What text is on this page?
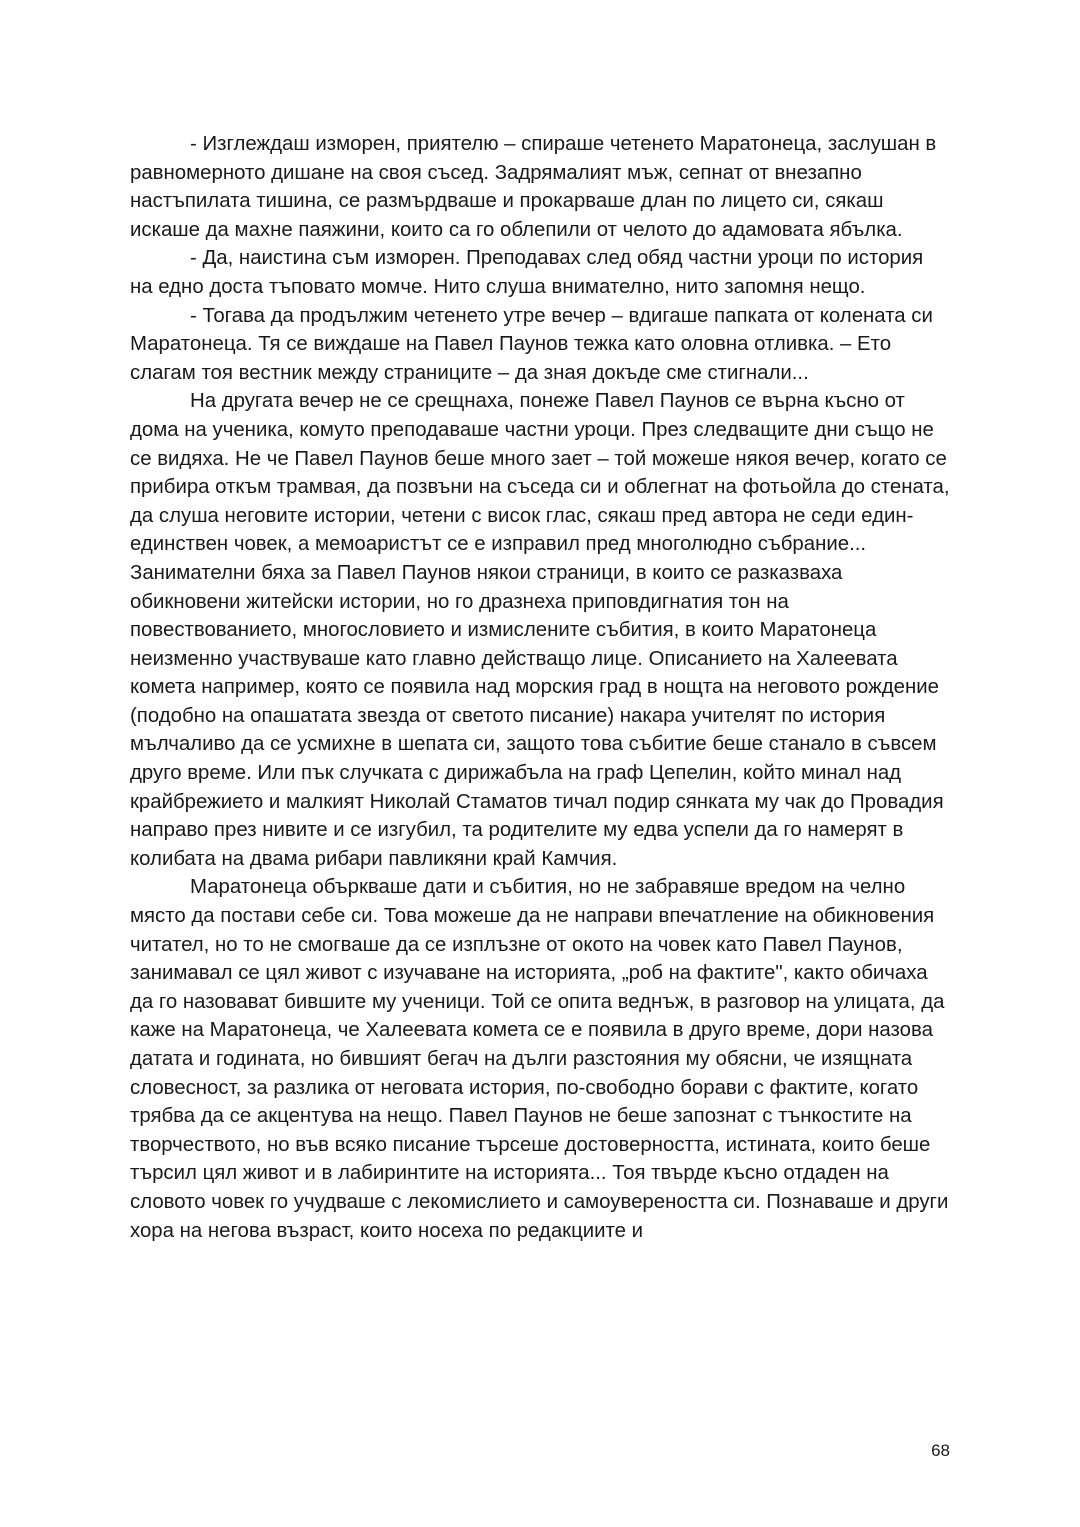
- Изглеждаш изморен, приятелю – спираше четенето Маратонеца, заслушан в равномерното дишане на своя съсед. Задрямалият мъж, сепнат от внезапно настъпилата тишина, се размърдваше и прокарваше длан по лицето си, сякаш искаше да махне паяжини, които са го облепили от челото до адамовата ябълка.

- Да, наистина съм изморен. Преподавах след обяд частни уроци по история на едно доста тъповато момче. Нито слуша внимателно, нито запомня нещо.

- Тогава да продължим четенето утре вечер – вдигаше папката от колената си Маратонеца. Тя се виждаше на Павел Паунов тежка като оловна отливка. – Ето слагам тоя вестник между страниците – да зная докъде сме стигнали...

На другата вечер не се срещнаха, понеже Павел Паунов се върна късно от дома на ученика, комуто преподаваше частни уроци. През следващите дни също не се видяха. Не че Павел Паунов беше много зает – той можеше някоя вечер, когато се прибира откъм трамвая, да позвъни на съседа си и облегнат на фотьойла до стената, да слуша неговите истории, четени с висок глас, сякаш пред автора не седи един-единствен човек, а мемоаристът се е изправил пред многолюдно събрание... Занимателни бяха за Павел Паунов някои страници, в които се разказваха обикновени житейски истории, но го дразнеха приповдигнатия тон на повествованието, многословието и измислените събития, в които Маратонеца неизменно участвуваше като главно действащо лице. Описанието на Халеевата комета например, която се появила над морския град в нощта на неговото рождение (подобно на опашатата звезда от светото писание) накара учителят по история мълчаливо да се усмихне в шепата си, защото това събитие беше станало в съвсем друго време. Или пък случката с дирижабъла на граф Цепелин, който минал над крайбрежието и малкият Николай Стаматов тичал подир сянката му чак до Провадия направо през нивите и се изгубил, та родителите му едва успели да го намерят в колибата на двама рибари павликяни край Камчия.

Маратонеца объркваше дати и събития, но не забравяше вредом на челно място да постави себе си. Това можеше да не направи впечатление на обикновения читател, но то не смогваше да се изплъзне от окото на човек като Павел Паунов, занимавал се цял живот с изучаване на историята, „роб на фактите", както обичаха да го назовават бившите му ученици. Той се опита веднъж, в разговор на улицата, да каже на Маратонеца, че Халеевата комета се е появила в друго време, дори назова датата и годината, но бившият бегач на дълги разстояния му обясни, че изящната словесност, за разлика от неговата история, по-свободно борави с фактите, когато трябва да се акцентува на нещо. Павел Паунов не беше запознат с тънкостите на творчеството, но във всяко писание търсеше достоверността, истината, които беше търсил цял живот и в лабиринтите на историята... Тоя твърде късно отдаден на словото човек го учудваше с лекомислието и самоувереността си. Познаваше и други хора на негова възраст, които носеха по редакциите и

68
